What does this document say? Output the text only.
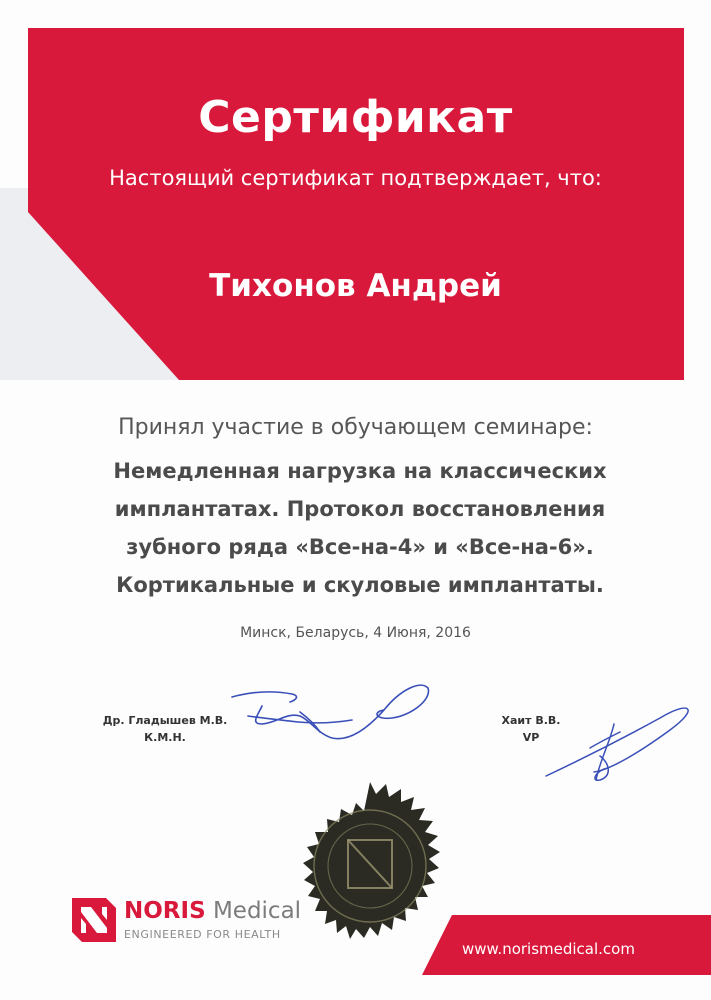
Сертификат
Настоящий сертификат подтверждает, что:
Тихонов Андрей
Принял участие в обучающем семинаре:
Немедленная нагрузка на классических
имплантатах. Протокол восстановления
зубного ряда «Все-на-4» и «Все-на-6».
Кортикальные и скуловые имплантаты.
Минск, Беларусь, 4 Июня, 2016
Др. Гладышев М.В.
К.М.Н.
Хаит В.В.
VP
NORIS Medical
ENGINEERED FOR HEALTH
www.norismedical.com
